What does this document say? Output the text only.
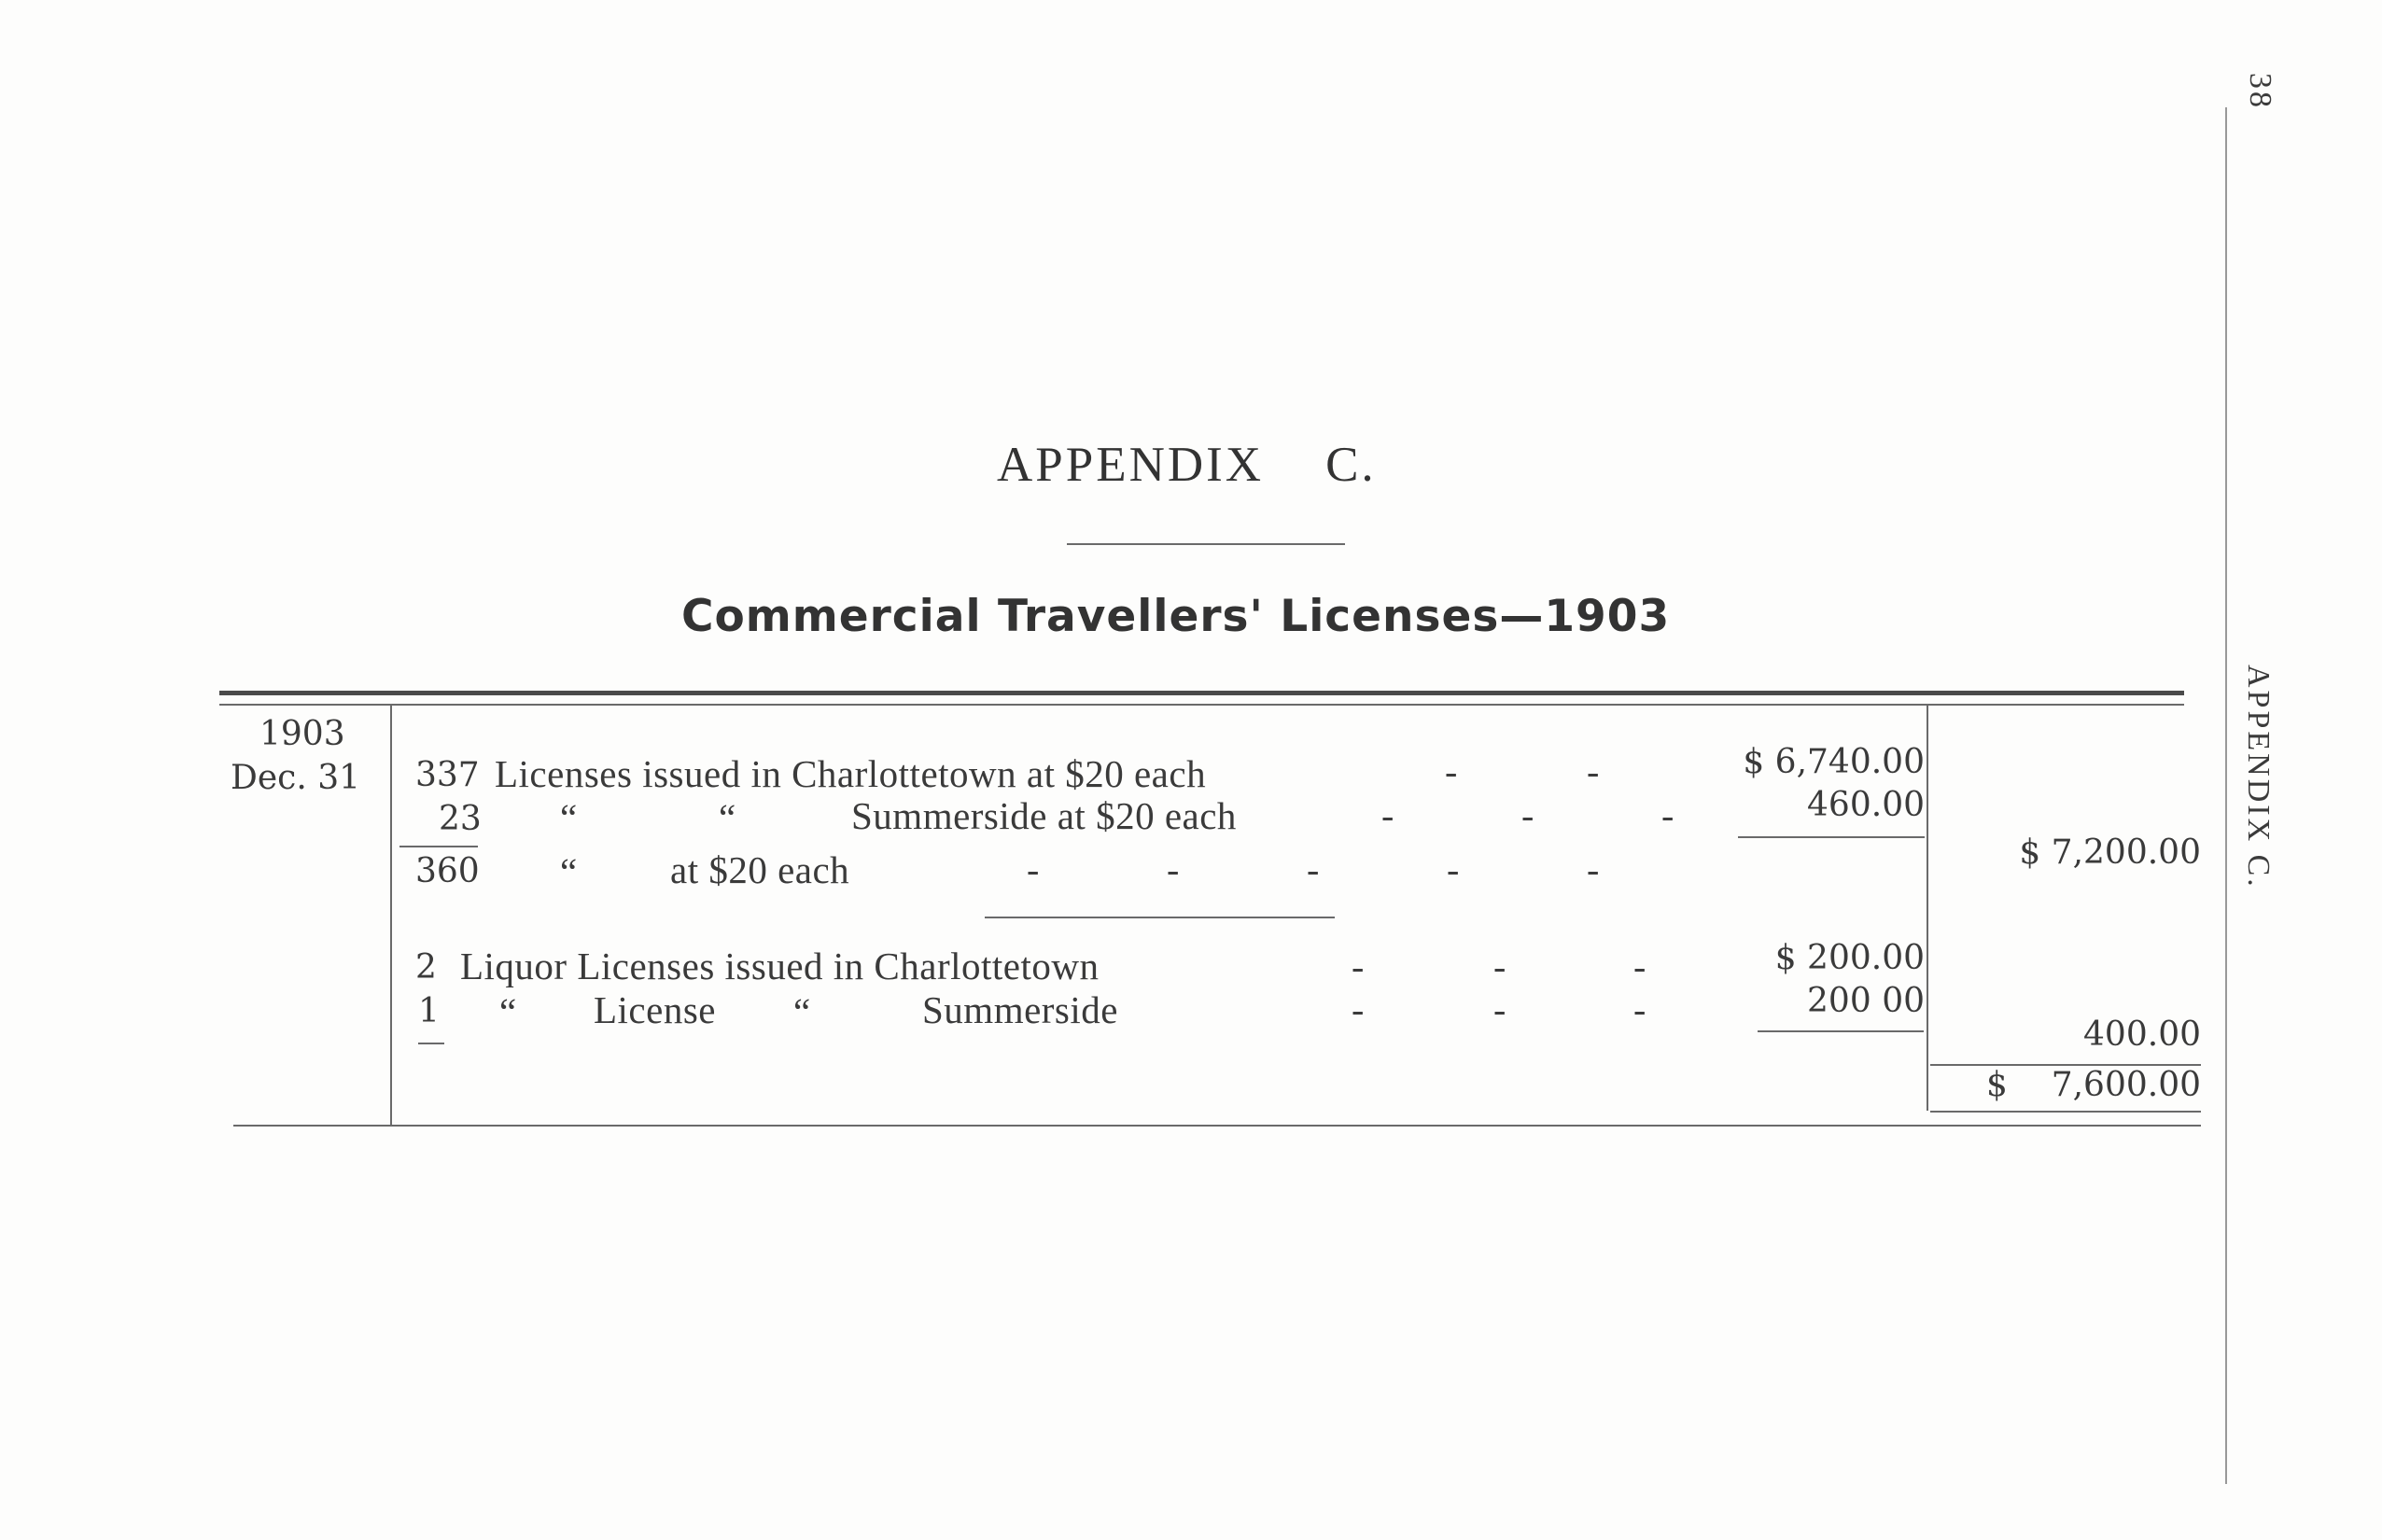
APPENDIX C.
Commercial Travellers' Licenses—1903
38
APPENDIX C.
1903
Dec. 31 337 Licenses issued in Charlottetown at $20 each	-	-	$ 6,740.00
23 “	“	Summerside at $20 each	-	-	-	460.00
360 “ at $20 each	-	-	-	-	-	$ 7,200.00
2 Liquor Licenses issued in Charlottetown	-	-	-	$ 200.00
1 “ License “	Summerside	-	-	-	200 00
400.00
$	7,600.00
